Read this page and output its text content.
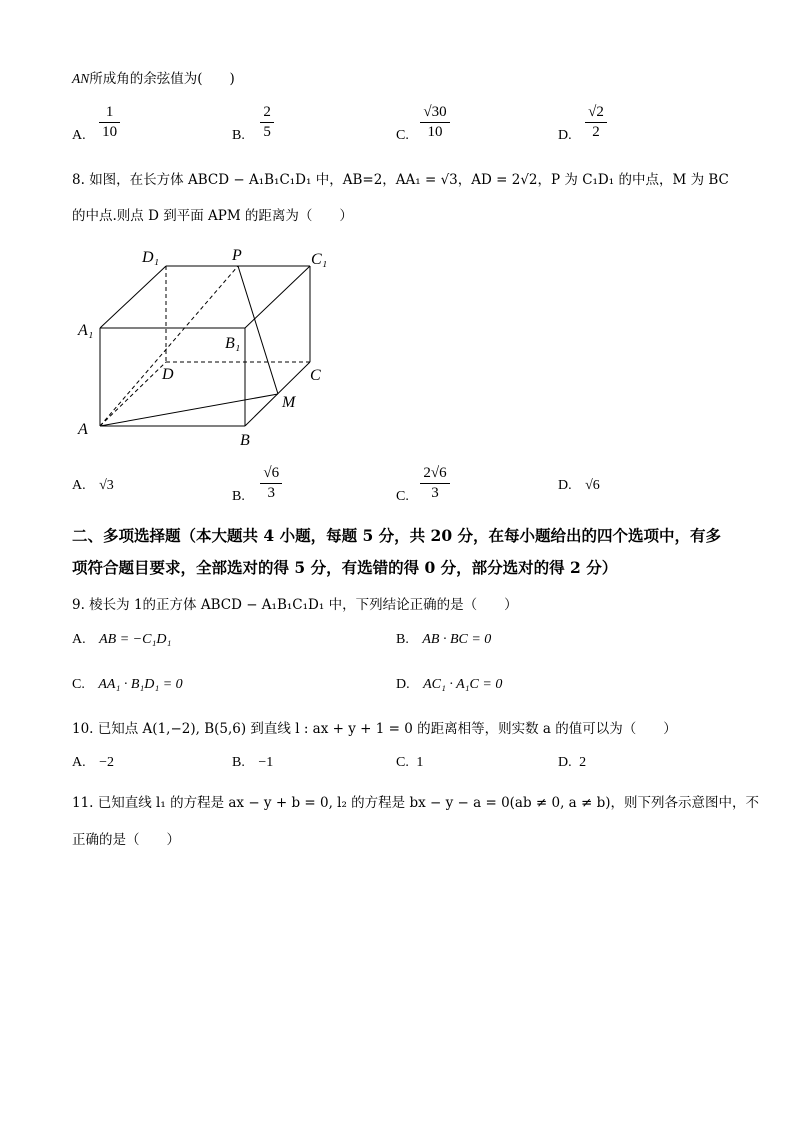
AN所成角的余弦值为(　　)
A. $\frac{1}{10}$	B. $\frac{2}{5}$	C. $\frac{√30}{10}$	D. $\frac{√2}{2}$
8. 如图，在长方体 ABCD − A₁B₁C₁D₁ 中，AB=2，AA₁ = √3，AD = 2√2，P 为 C₁D₁ 的中点，M 为 BC
的中点.则点 D 到平面 APM 的距离为（　　）
D₁	P	C₁
A₁
B₁
D	C
M
A
B
A. √3
B. $\frac{√6}{3}$	C. $\frac{2√6}{3}$	D. √6
二、多项选择题（本大题共 4 小题，每题 5 分，共 20 分，在每小题给出的四个选项中，有多
项符合题目要求，全部选对的得 5 分，有选错的得 0 分，部分选对的得 2 分）
9. 棱长为 1的正方体 ABCD − A₁B₁C₁D₁ 中，下列结论正确的是（　　）
A. AB = −C₁D₁	B. AB · BC = 0
C. AA₁ · B₁D₁ = 0	D. AC₁ · A₁C = 0
10. 已知点 A(1,−2), B(5,6) 到直线 l : ax + y + 1 = 0 的距离相等，则实数 a 的值可以为（　　）
A. −2	B. −1	C. 1	D. 2
11. 已知直线 l₁ 的方程是 ax − y + b = 0, l₂ 的方程是 bx − y − a = 0(ab ≠ 0, a ≠ b)，则下列各示意图中，不
正确的是（　　）
